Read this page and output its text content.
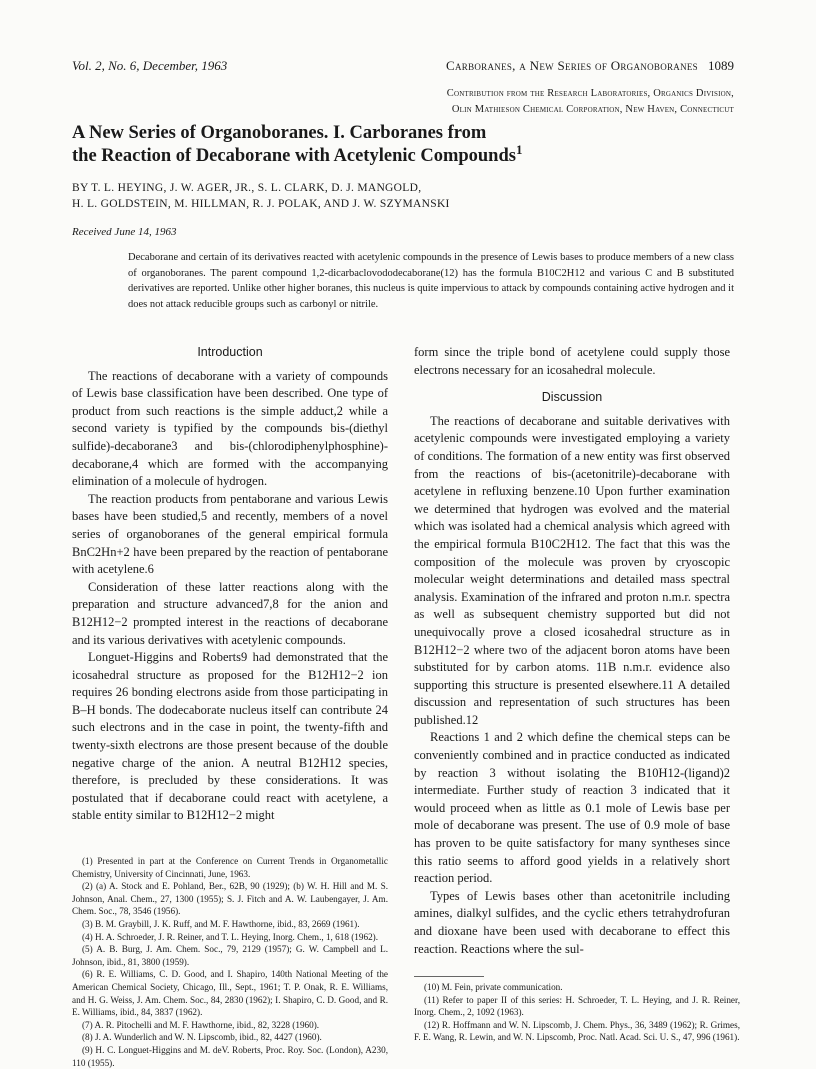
Vol. 2, No. 6, December, 1963	Carboranes, a New Series of Organoboranes 1089
Contribution from the Research Laboratories, Organics Division,
Olin Mathieson Chemical Corporation, New Haven, Connecticut
A New Series of Organoboranes. I. Carboranes from
the Reaction of Decaborane with Acetylenic Compounds$^1$
BY T. L. HEYING, J. W. AGER, JR., S. L. CLARK, D. J. MANGOLD,
H. L. GOLDSTEIN, M. HILLMAN, R. J. POLAK, AND J. W. SZYMANSKI
Received June 14, 1963
Decaborane and certain of its derivatives reacted with acetylenic compounds in the presence of Lewis bases to produce members of a new class of organoboranes. The parent compound 1,2-dicarbaclovododecaborane(12) has the formula B10C2H12 and various C and B substituted derivatives are reported. Unlike other higher boranes, this nucleus is quite impervious to attack by compounds containing active hydrogen and it does not attack reducible groups such as carbonyl or nitrile.
Introduction

The reactions of decaborane with a variety of compounds of Lewis base classification have been described. One type of product from such reactions is the simple adduct,2 while a second variety is typified by the compounds bis-(diethyl sulfide)-decaborane3 and bis-(chlorodiphenylphosphine)-decaborane,4 which are formed with the accompanying elimination of a molecule of hydrogen.

The reaction products from pentaborane and various Lewis bases have been studied,5 and recently, members of a novel series of organoboranes of the general empirical formula BnC2Hn+2 have been prepared by the reaction of pentaborane with acetylene.6

Consideration of these latter reactions along with the preparation and structure advanced7,8 for the anion and B12H12−2 prompted interest in the reactions of decaborane and its various derivatives with acetylenic compounds.

Longuet-Higgins and Roberts9 had demonstrated that the icosahedral structure as proposed for the B12H12−2 ion requires 26 bonding electrons aside from those participating in B–H bonds. The dodecaborate nucleus itself can contribute 24 such electrons and in the case in point, the twenty-fifth and twenty-sixth electrons are those present because of the double negative charge of the anion. A neutral B12H12 species, therefore, is precluded by these considerations. It was postulated that if decaborane could react with acetylene, a stable entity similar to B12H12−2 might

(1) Presented in part at the Conference on Current Trends in Organometallic Chemistry, University of Cincinnati, June, 1963.

(2) (a) A. Stock and E. Pohland, Ber., 62B, 90 (1929); (b) W. H. Hill and M. S. Johnson, Anal. Chem., 27, 1300 (1955); S. J. Fitch and A. W. Laubengayer, J. Am. Chem. Soc., 78, 3546 (1956).

(3) B. M. Graybill, J. K. Ruff, and M. F. Hawthorne, ibid., 83, 2669 (1961).

(4) H. A. Schroeder, J. R. Reiner, and T. L. Heying, Inorg. Chem., 1, 618 (1962).

(5) A. B. Burg, J. Am. Chem. Soc., 79, 2129 (1957); G. W. Campbell and L. Johnson, ibid., 81, 3800 (1959).

(6) R. E. Williams, C. D. Good, and I. Shapiro, 140th National Meeting of the American Chemical Society, Chicago, Ill., Sept., 1961; T. P. Onak, R. E. Williams, and H. G. Weiss, J. Am. Chem. Soc., 84, 2830 (1962); I. Shapiro, C. D. Good, and R. E. Williams, ibid., 84, 3837 (1962).

(7) A. R. Pitochelli and M. F. Hawthorne, ibid., 82, 3228 (1960).

(8) J. A. Wunderlich and W. N. Lipscomb, ibid., 82, 4427 (1960).

(9) H. C. Longuet-Higgins and M. deV. Roberts, Proc. Roy. Soc. (London), A230, 110 (1955).

form since the triple bond of acetylene could supply those electrons necessary for an icosahedral molecule.

Discussion

The reactions of decaborane and suitable derivatives with acetylenic compounds were investigated employing a variety of conditions. The formation of a new entity was first observed from the reactions of bis-(acetonitrile)-decaborane with acetylene in refluxing benzene.10 Upon further examination we determined that hydrogen was evolved and the material which was isolated had a chemical analysis which agreed with the empirical formula B10C2H12. The fact that this was the composition of the molecule was proven by cryoscopic molecular weight determinations and detailed mass spectral analysis. Examination of the infrared and proton n.m.r. spectra as well as subsequent chemistry supported but did not unequivocally prove a closed icosahedral structure as in B12H12−2 where two of the adjacent boron atoms have been substituted for by carbon atoms. 11B n.m.r. evidence also supporting this structure is presented elsewhere.11 A detailed discussion and representation of such structures has been published.12

Reactions 1 and 2 which define the chemical steps can be conveniently combined and in practice conducted as indicated by reaction 3 without isolating the B10H12-(ligand)2 intermediate. Further study of reaction 3 indicated that it would proceed when as little as 0.1 mole of Lewis base per mole of decaborane was present. The use of 0.9 mole of base has proven to be quite satisfactory for many syntheses since this ratio seems to afford good yields in a relatively short reaction period.

Types of Lewis bases other than acetonitrile including amines, dialkyl sulfides, and the cyclic ethers tetrahydrofuran and dioxane have been used with decaborane to effect this reaction. Reactions where the sul-

(10) M. Fein, private communication.

(11) Refer to paper II of this series: H. Schroeder, T. L. Heying, and J. R. Reiner, Inorg. Chem., 2, 1092 (1963).

(12) R. Hoffmann and W. N. Lipscomb, J. Chem. Phys., 36, 3489 (1962); R. Grimes, F. E. Wang, R. Lewin, and W. N. Lipscomb, Proc. Natl. Acad. Sci. U. S., 47, 996 (1961).
